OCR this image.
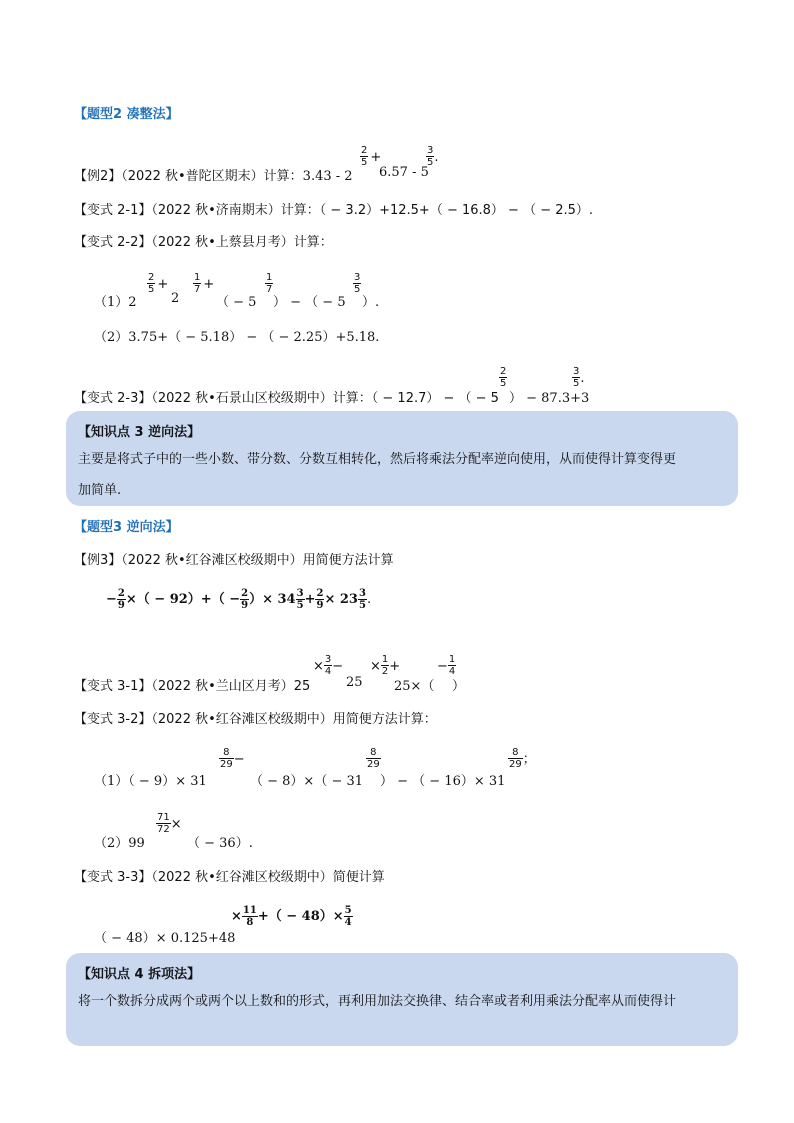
【题型2 凑整法】
【例2】（2022 秋•普陀区期末）计算：3.43 - 2
$\frac{2}{5}$ +
6.57 - 5
$\frac{3}{5}$ .
【变式 2-1】（2022 秋•济南期末）计算：（ − 3.2）+12.5+（ − 16.8） − （ − 2.5）.
【变式 2-2】（2022 秋•上蔡县月考）计算：
（1）2
$\frac{2}{5}$ +
2
$\frac{1}{7}$ +
（ − 5
$\frac{1}{7}$
） − （ − 5
$\frac{3}{5}$
）.
（2）3.75+（ − 5.18） − （ − 2.25）+5.18.
【变式 2-3】（2022 秋•石景山区校级期中）计算：（ − 12.7） − （ − 5
$\frac{2}{5}$
） − 87.3+3
$\frac{3}{5}$ .
【知识点 3 逆向法】
主要是将式子中的一些小数、带分数、分数互相转化，然后将乘法分配率逆向使用，从而使得计算变得更
加简单.
【题型3 逆向法】
【例3】（2022 秋•红谷滩区校级期中）用简便方法计算
− $\frac{2}{9}$ ×（ − $92)+( - \frac{2}{9}$ ）× $34 \frac{3}{5} + \frac{2}{9} \times 23 \frac{3}{5}$ .
【变式 3-1】（2022 秋•兰山区月考）25
× $\frac{3}{4}$ −
25
× $\frac{1}{2}$ +
25×（
− $\frac{1}{4}$
）
【变式 3-2】（2022 秋•红谷滩区校级期中）用简便方法计算：
（1）（ − 9）× 31
$\frac{8}{29}$ −
（ − 8）×（ − 31
$\frac{8}{29}$
） − （ − 16）× 31
$\frac{8}{29}$ ；
（2）99
$\frac{71}{72}$ ×
（ − 36）.
【变式 3-3】（2022 秋•红谷滩区校级期中）简便计算
（ − 48）× 0.125+48
× $\frac{11}{8}$ +（ − $48)\times \frac{5}{4}$
【知识点 4 拆项法】
将一个数拆分成两个或两个以上数和的形式，再利用加法交换律、结合率或者利用乘法分配率从而使得计
